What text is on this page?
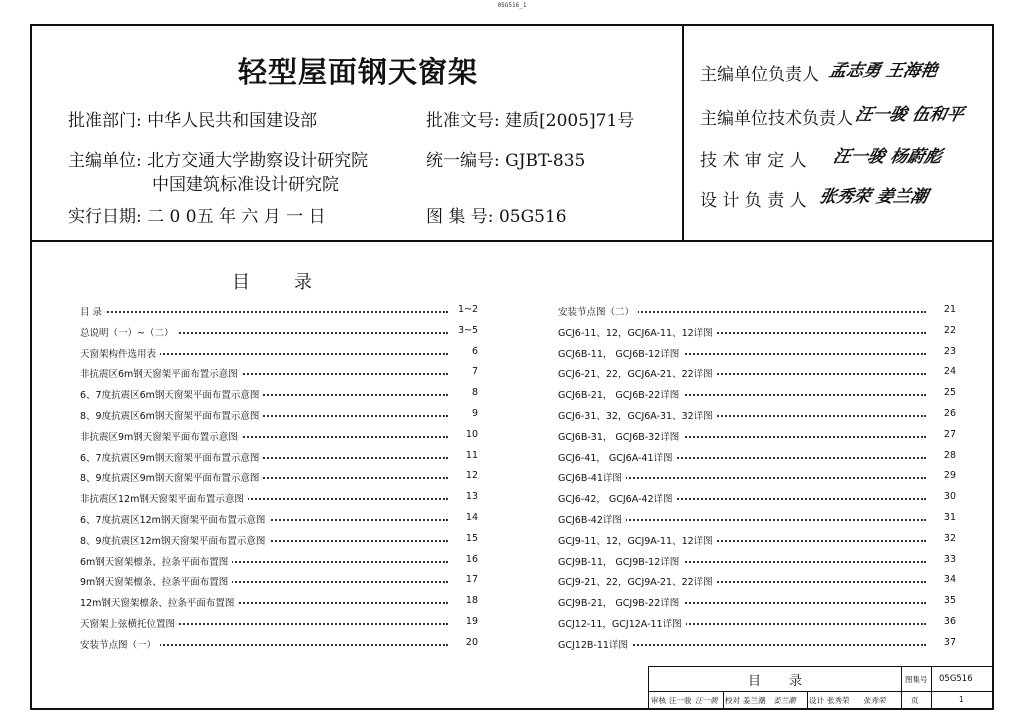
05G516_1
轻型屋面钢天窗架
批准部门: 中华人民共和国建设部	批准文号: 建质[2005]71号
主编单位: 北方交通大学勘察设计研究院
中国建筑标准设计研究院
统一编号: GJBT-835
实行日期: 二 0 0五 年 六 月 一 日	图 集 号: 05G516
主编单位负责人 孟志勇 王海艳
主编单位技术负责人 汪一骏 伍和平
技 术 审 定 人 汪一骏 杨蔚彪
设 计 负 责 人 张秀荣 姜兰潮
目 录
目 录	1~2
总说明（一）~（二）	3~5
天窗架构件选用表	6
非抗震区6m钢天窗架平面布置示意图	7
6、7度抗震区6m钢天窗架平面布置示意图	8
8、9度抗震区6m钢天窗架平面布置示意图	9
非抗震区9m钢天窗架平面布置示意图	10
6、7度抗震区9m钢天窗架平面布置示意图	11
8、9度抗震区9m钢天窗架平面布置示意图	12
非抗震区12m钢天窗架平面布置示意图	13
6、7度抗震区12m钢天窗架平面布置示意图	14
8、9度抗震区12m钢天窗架平面布置示意图	15
6m钢天窗架檩条、拉条平面布置图	16
9m钢天窗架檩条、拉条平面布置图	17
12m钢天窗架檩条、拉条平面布置图	18
天窗架上弦横托位置图	19
安装节点图（一）	20
安装节点图（二）	21
GCJ6-11、12，GCJ6A-11、12详图	22
GCJ6B-11， GCJ6B-12详图	23
GCJ6-21、22，GCJ6A-21、22详图	24
GCJ6B-21， GCJ6B-22详图	25
GCJ6-31、32，GCJ6A-31、32详图	26
GCJ6B-31， GCJ6B-32详图	27
GCJ6-41， GCJ6A-41详图	28
GCJ6B-41详图	29
GCJ6-42， GCJ6A-42详图	30
GCJ6B-42详图	31
GCJ9-11、12，GCJ9A-11、12详图	32
GCJ9B-11， GCJ9B-12详图	33
GCJ9-21、22，GCJ9A-21、22详图	34
GCJ9B-21， GCJ9B-22详图	35
GCJ12-11，GCJ12A-11详图	36
GCJ12B-11详图	37
目 录	图集号 05G516
审核 汪一骏 汪一骏 校对 姜兰潮 姜兰潮 设计 张秀荣 张秀荣	页	1
